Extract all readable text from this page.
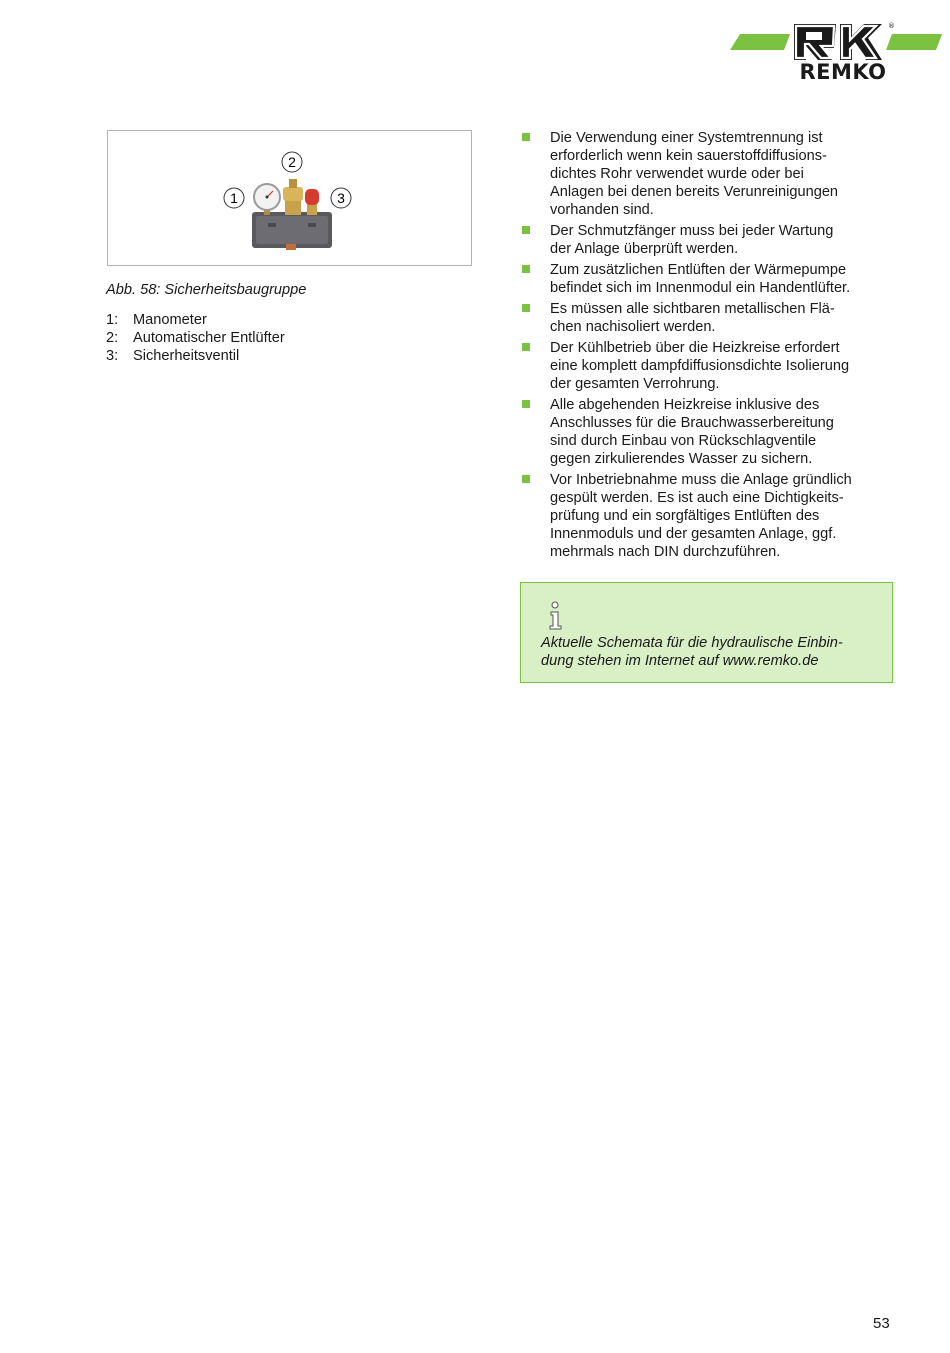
®
REMKO
1
2
3
Abb. 58: Sicherheitsbaugruppe
1:	Manometer
2:	Automatischer Entlüfter
3:	Sicherheitsventil
Die Verwendung einer Systemtrennung ist
erforderlich wenn kein sauerstoffdiffusions-
dichtes Rohr verwendet wurde oder bei
Anlagen bei denen bereits Verunreinigungen
vorhanden sind.
Der Schmutzfänger muss bei jeder Wartung
der Anlage überprüft werden.
Zum zusätzlichen Entlüften der Wärmepumpe
befindet sich im Innenmodul ein Handentlüfter.
Es müssen alle sichtbaren metallischen Flä-
chen nachisoliert werden.
Der Kühlbetrieb über die Heizkreise erfordert
eine komplett dampfdiffusionsdichte Isolierung
der gesamten Verrohrung.
Alle abgehenden Heizkreise inklusive des
Anschlusses für die Brauchwasserbereitung
sind durch Einbau von Rückschlagventile
gegen zirkulierendes Wasser zu sichern.
Vor Inbetriebnahme muss die Anlage gründlich
gespült werden. Es ist auch eine Dichtigkeits-
prüfung und ein sorgfältiges Entlüften des
Innenmoduls und der gesamten Anlage, ggf.
mehrmals nach DIN durchzuführen.
Aktuelle Schemata für die hydraulische Einbin-
dung stehen im Internet auf www.remko.de
53
